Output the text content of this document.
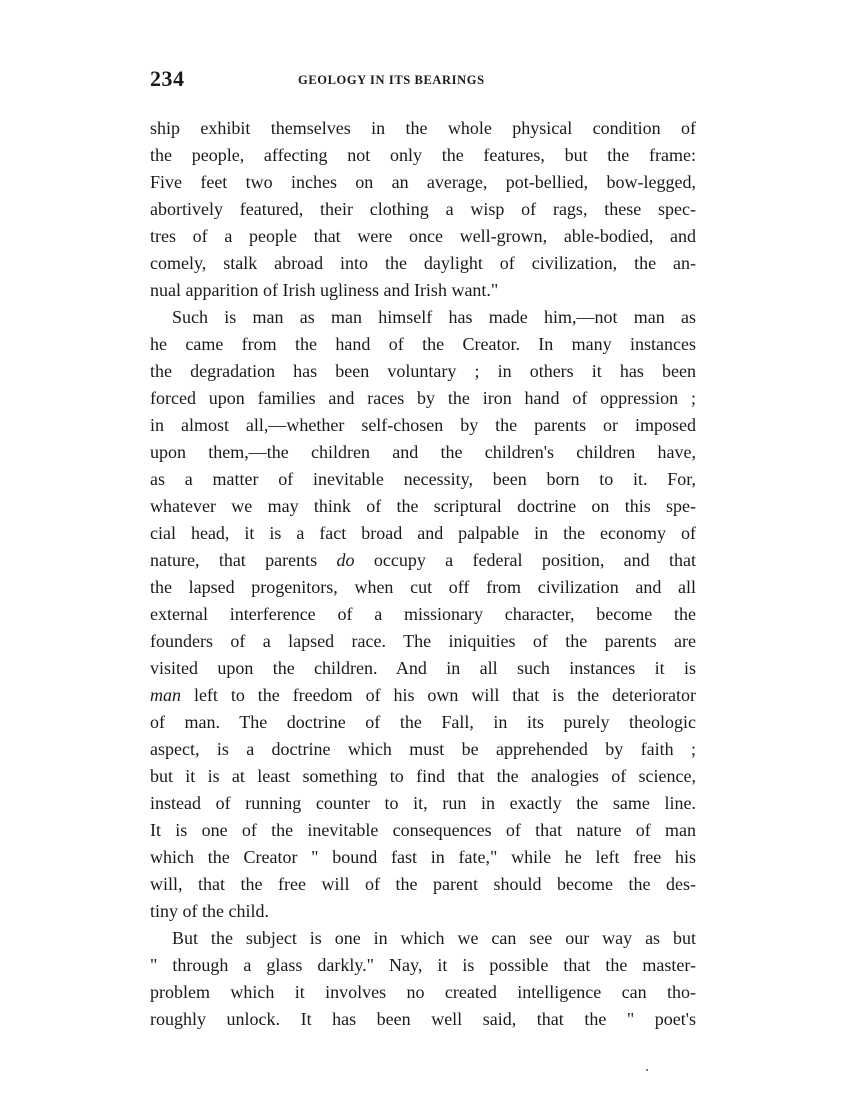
234	GEOLOGY IN ITS BEARINGS
ship exhibit themselves in the whole physical condition of
the people, affecting not only the features, but the frame:
Five feet two inches on an average, pot-bellied, bow-legged,
abortively featured, their clothing a wisp of rags, these spec-
tres of a people that were once well-grown, able-bodied, and
comely, stalk abroad into the daylight of civilization, the an-
nual apparition of Irish ugliness and Irish want."
Such is man as man himself has made him,—not man as
he came from the hand of the Creator. In many instances
the degradation has been voluntary ; in others it has been
forced upon families and races by the iron hand of oppression ;
in almost all,—whether self-chosen by the parents or imposed
upon them,—the children and the children's children have,
as a matter of inevitable necessity, been born to it. For,
whatever we may think of the scriptural doctrine on this spe-
cial head, it is a fact broad and palpable in the economy of
nature, that parents do occupy a federal position, and that
the lapsed progenitors, when cut off from civilization and all
external interference of a missionary character, become the
founders of a lapsed race. The iniquities of the parents are
visited upon the children. And in all such instances it is
man left to the freedom of his own will that is the deteriorator
of man. The doctrine of the Fall, in its purely theologic
aspect, is a doctrine which must be apprehended by faith ;
but it is at least something to find that the analogies of science,
instead of running counter to it, run in exactly the same line.
It is one of the inevitable consequences of that nature of man
which the Creator " bound fast in fate," while he left free his
will, that the free will of the parent should become the des-
tiny of the child.
But the subject is one in which we can see our way as but
" through a glass darkly." Nay, it is possible that the master-
problem which it involves no created intelligence can tho-
roughly unlock. It has been well said, that the " poet's
